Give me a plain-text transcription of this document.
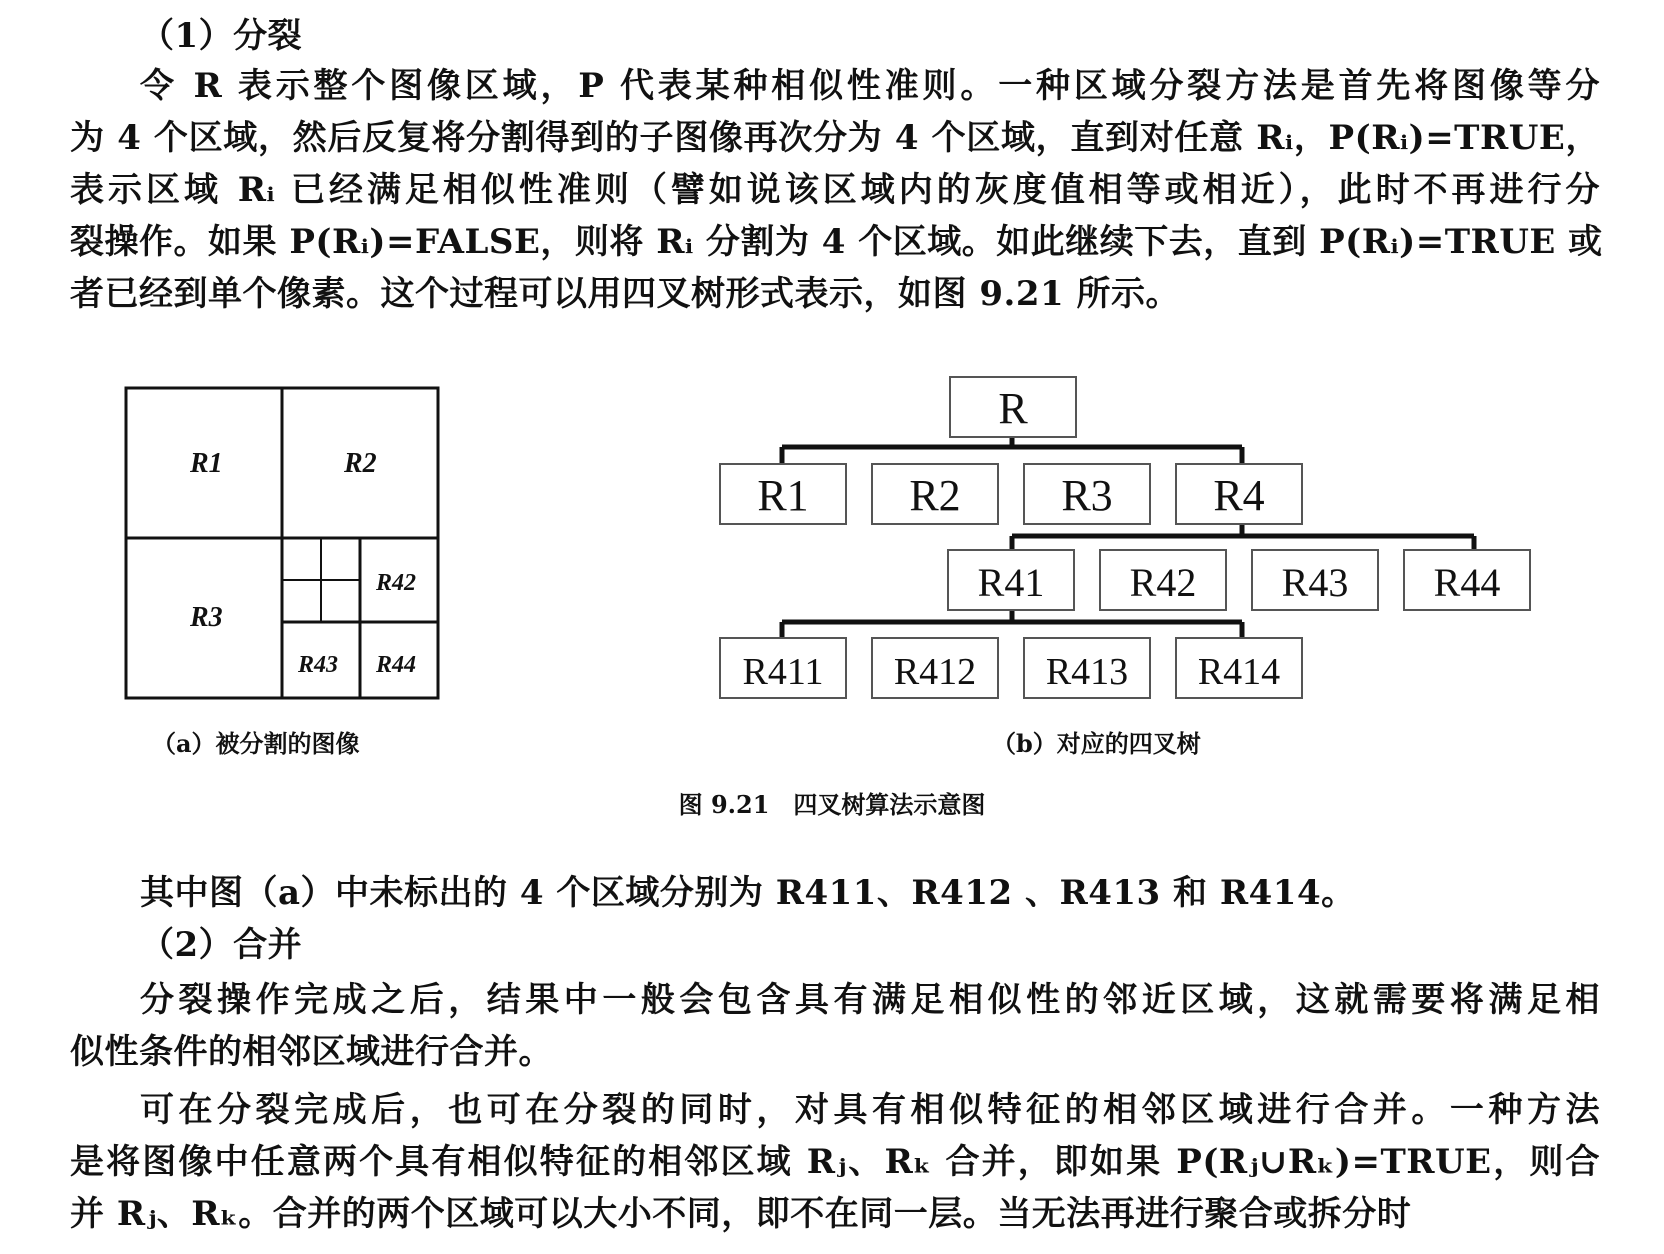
（1）分裂
令 R 表示整个图像区域，P 代表某种相似性准则。一种区域分裂方法是首先将图像等分
为 4 个区域，然后反复将分割得到的子图像再次分为 4 个区域，直到对任意 Rᵢ，P(Rᵢ)=TRUE，
表示区域 Rᵢ 已经满足相似性准则（譬如说该区域内的灰度值相等或相近），此时不再进行分
裂操作。如果 P(Rᵢ)=FALSE，则将 Rᵢ 分割为 4 个区域。如此继续下去，直到 P(Rᵢ)=TRUE 或
者已经到单个像素。这个过程可以用四叉树形式表示，如图 9.21 所示。
R1	R2
R3
R42
R43 R44
R
R1 R2 R3 R4
R41 R42 R43 R44
R411 R412 R413 R414
（a）被分割的图像	（b）对应的四叉树
图 9.21　四叉树算法示意图
其中图（a）中未标出的 4 个区域分别为 R411、R412 、R413 和 R414。
（2）合并
分裂操作完成之后，结果中一般会包含具有满足相似性的邻近区域，这就需要将满足相
似性条件的相邻区域进行合并。
可在分裂完成后，也可在分裂的同时，对具有相似特征的相邻区域进行合并。一种方法
是将图像中任意两个具有相似特征的相邻区域 Rⱼ、Rₖ 合并，即如果 P(Rⱼ∪Rₖ)=TRUE，则合
并 Rⱼ、Rₖ。合并的两个区域可以大小不同，即不在同一层。当无法再进行聚合或拆分时
